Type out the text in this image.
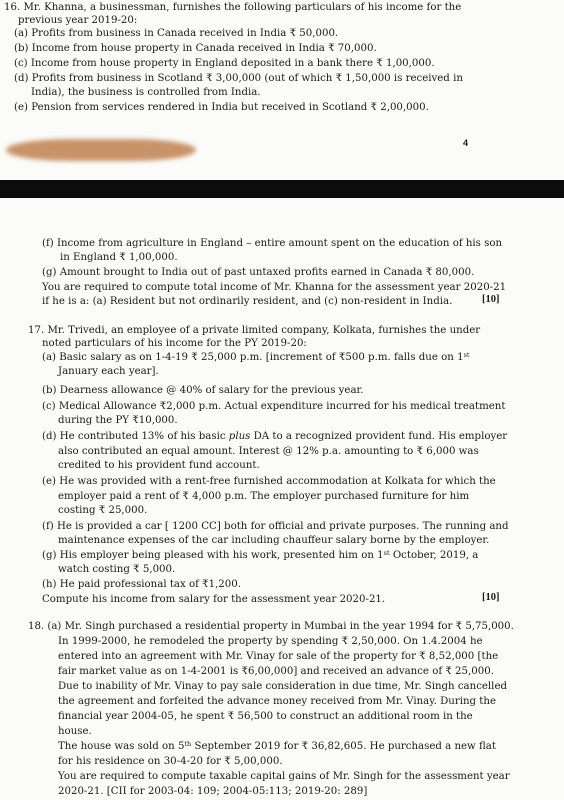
16. Mr. Khanna, a businessman, furnishes the following particulars of his income for the
previous year 2019-20:
(a) Profits from business in Canada received in India ₹ 50,000.
(b) Income from house property in Canada received in India ₹ 70,000.
(c) Income from house property in England deposited in a bank there ₹ 1,00,000.
(d) Profits from business in Scotland ₹ 3,00,000 (out of which ₹ 1,50,000 is received in
India), the business is controlled from India.
(e) Pension from services rendered in India but received in Scotland ₹ 2,00,000.
4
(f) Income from agriculture in England – entire amount spent on the education of his son
in England ₹ 1,00,000.
(g) Amount brought to India out of past untaxed profits earned in Canada ₹ 80,000.
You are required to compute total income of Mr. Khanna for the assessment year 2020-21
if he is a: (a) Resident but not ordinarily resident, and (c) non-resident in India.	[10]
17. Mr. Trivedi, an employee of a private limited company, Kolkata, furnishes the under
noted particulars of his income for the PY 2019-20:
(a) Basic salary as on 1-4-19 ₹ 25,000 p.m. [increment of ₹500 p.m. falls due on 1st
January each year].
(b) Dearness allowance @ 40% of salary for the previous year.
(c) Medical Allowance ₹2,000 p.m. Actual expenditure incurred for his medical treatment
during the PY ₹10,000.
(d) He contributed 13% of his basic plus DA to a recognized provident fund. His employer
also contributed an equal amount. Interest @ 12% p.a. amounting to ₹ 6,000 was
credited to his provident fund account.
(e) He was provided with a rent-free furnished accommodation at Kolkata for which the
employer paid a rent of ₹ 4,000 p.m. The employer purchased furniture for him
costing ₹ 25,000.
(f) He is provided a car [ 1200 CC] both for official and private purposes. The running and
maintenance expenses of the car including chauffeur salary borne by the employer.
(g) His employer being pleased with his work, presented him on 1st October, 2019, a
watch costing ₹ 5,000.
(h) He paid professional tax of ₹1,200.
Compute his income from salary for the assessment year 2020-21.	[10]
18. (a) Mr. Singh purchased a residential property in Mumbai in the year 1994 for ₹ 5,75,000.
In 1999-2000, he remodeled the property by spending ₹ 2,50,000. On 1.4.2004 he
entered into an agreement with Mr. Vinay for sale of the property for ₹ 8,52,000 [the
fair market value as on 1-4-2001 is ₹6,00,000] and received an advance of ₹ 25,000.
Due to inability of Mr. Vinay to pay sale consideration in due time, Mr. Singh cancelled
the agreement and forfeited the advance money received from Mr. Vinay. During the
financial year 2004-05, he spent ₹ 56,500 to construct an additional room in the
house.
The house was sold on 5th September 2019 for ₹ 36,82,605. He purchased a new flat
for his residence on 30-4-20 for ₹ 5,00,000.
You are required to compute taxable capital gains of Mr. Singh for the assessment year
2020-21. [CII for 2003-04: 109; 2004-05:113; 2019-20: 289]
